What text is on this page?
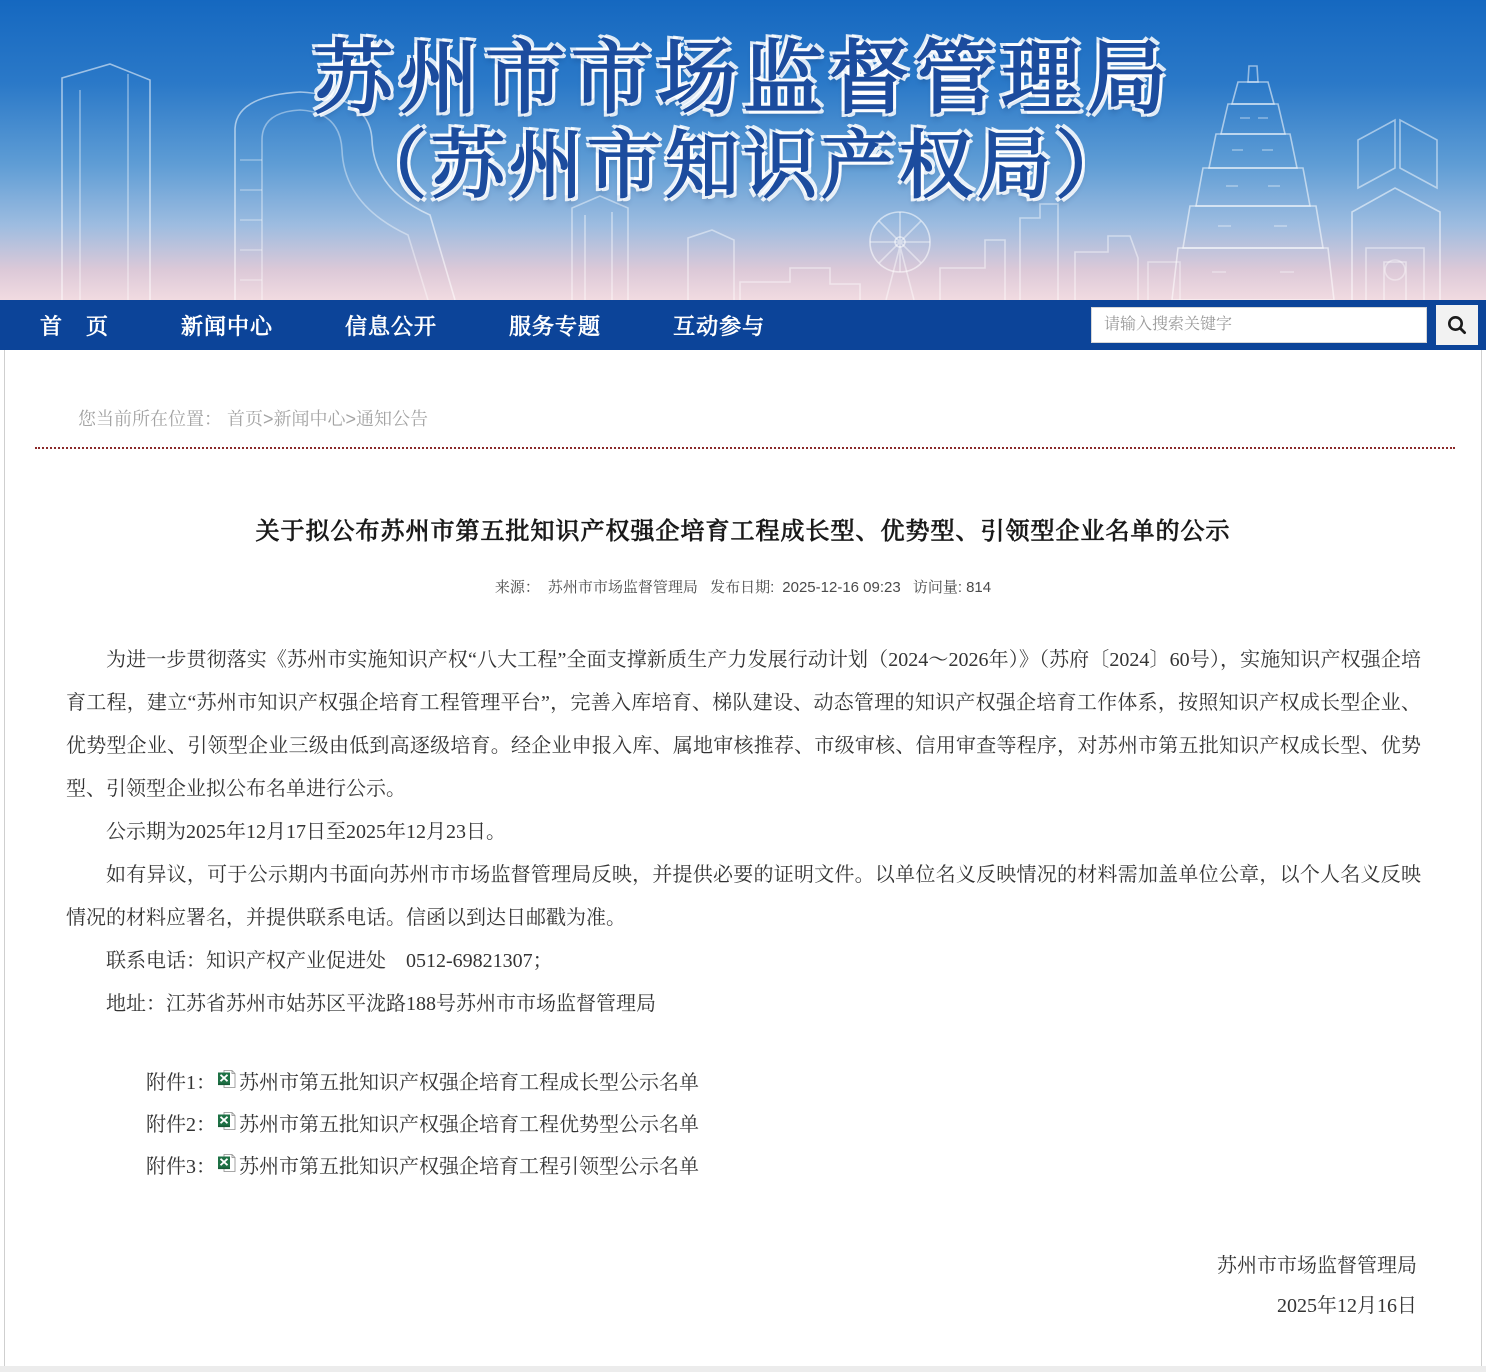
苏州市市场监督管理局
（苏州市知识产权局）
首　页	新闻中心	信息公开	服务专题	互动参与
请输入搜索关键字
您当前所在位置： 首页>新闻中心>通知公告
关于拟公布苏州市第五批知识产权强企培育工程成长型、优势型、引领型企业名单的公示
来源： 苏州市市场监督管理局 发布日期: 2025-12-16 09:23 访问量: 814

为进一步贯彻落实《苏州市实施知识产权“八大工程”全面支撑新质生产力发展行动计划（2024～2026年）》（苏府〔2024〕60号），实施知识产权强企培育工程，建立“苏州市知识产权强企培育工程管理平台”，完善入库培育、梯队建设、动态管理的知识产权强企培育工作体系，按照知识产权成长型企业、优势型企业、引领型企业三级由低到高逐级培育。经企业申报入库、属地审核推荐、市级审核、信用审查等程序，对苏州市第五批知识产权成长型、优势型、引领型企业拟公布名单进行公示。

公示期为2025年12月17日至2025年12月23日。

如有异议，可于公示期内书面向苏州市市场监督管理局反映，并提供必要的证明文件。以单位名义反映情况的材料需加盖单位公章，以个人名义反映情况的材料应署名，并提供联系电话。信函以到达日邮戳为准。

联系电话：知识产权产业促进处　0512-69821307；

地址：江苏省苏州市姑苏区平泷路188号苏州市市场监督管理局

附件1： 苏州市第五批知识产权强企培育工程成长型公示名单
附件2： 苏州市第五批知识产权强企培育工程优势型公示名单
附件3： 苏州市第五批知识产权强企培育工程引领型公示名单
苏州市市场监督管理局
2025年12月16日
